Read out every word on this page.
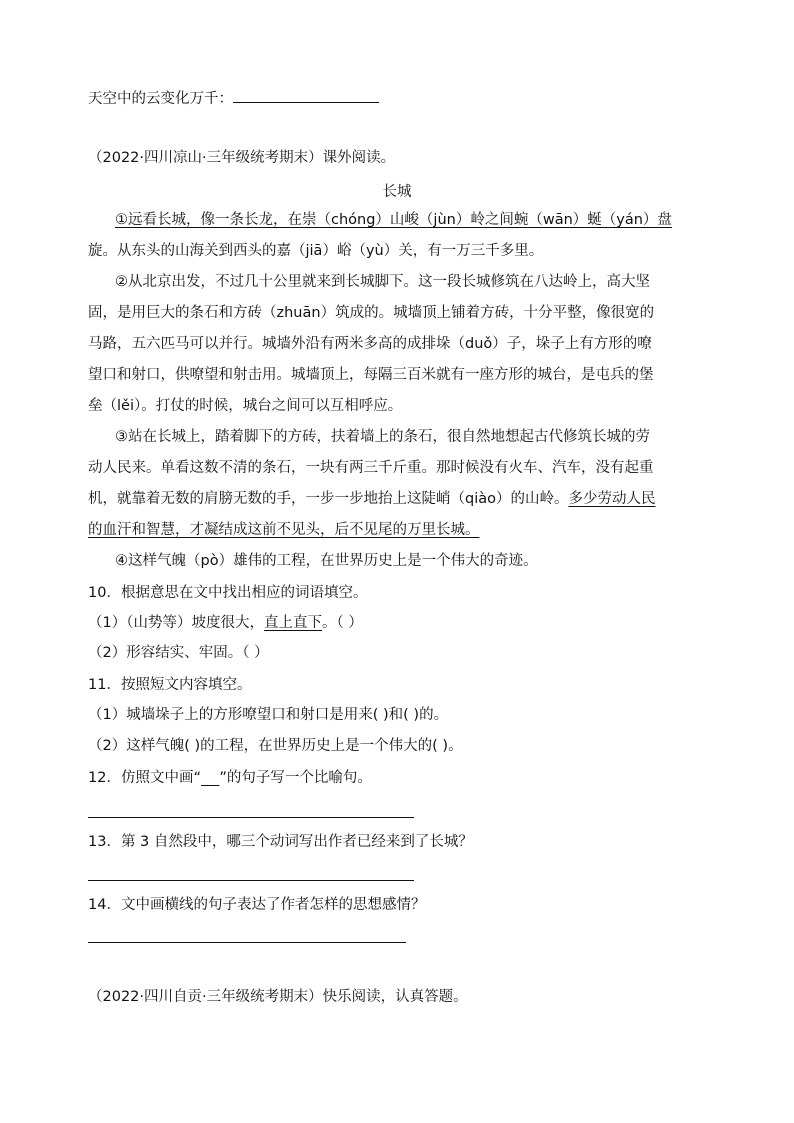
天空中的云变化万千：
（2022·四川凉山·三年级统考期末）课外阅读。
长城
①远看长城，像一条长龙，在崇（chóng）山峻（jùn）岭之间蜿（wān）蜒（yán）盘
旋。从东头的山海关到西头的嘉（jiā）峪（yù）关，有一万三千多里。
②从北京出发，不过几十公里就来到长城脚下。这一段长城修筑在八达岭上，高大坚
固，是用巨大的条石和方砖（zhuān）筑成的。城墙顶上铺着方砖，十分平整，像很宽的
马路，五六匹马可以并行。城墙外沿有两米多高的成排垛（duǒ）子，垛子上有方形的嘹
望口和射口，供嘹望和射击用。城墙顶上，每隔三百米就有一座方形的城台，是屯兵的堡
垒（lěi）。打仗的时候，城台之间可以互相呼应。
③站在长城上，踏着脚下的方砖，扶着墙上的条石，很自然地想起古代修筑长城的劳
动人民来。单看这数不清的条石，一块有两三千斤重。那时候没有火车、汽车，没有起重
机，就靠着无数的肩膀无数的手，一步一步地抬上这陡峭（qiào）的山岭。多少劳动人民
的血汗和智慧，才凝结成这前不见头，后不见尾的万里长城。
④这样气魄（pò）雄伟的工程，在世界历史上是一个伟大的奇迹。
10．根据意思在文中找出相应的词语填空。
（1）（山势等）坡度很大，直上直下。（ ）
（2）形容结实、牢固。（ ）
11．按照短文内容填空。
（1）城墙垛子上的方形嘹望口和射口是用来( )和( )的。
（2）这样气魄( )的工程，在世界历史上是一个伟大的( )。
12．仿照文中画“ ”的句子写一个比喻句。
13．第 3 自然段中，哪三个动词写出作者已经来到了长城？
14．文中画横线的句子表达了作者怎样的思想感情？
（2022·四川自贡·三年级统考期末）快乐阅读，认真答题。
